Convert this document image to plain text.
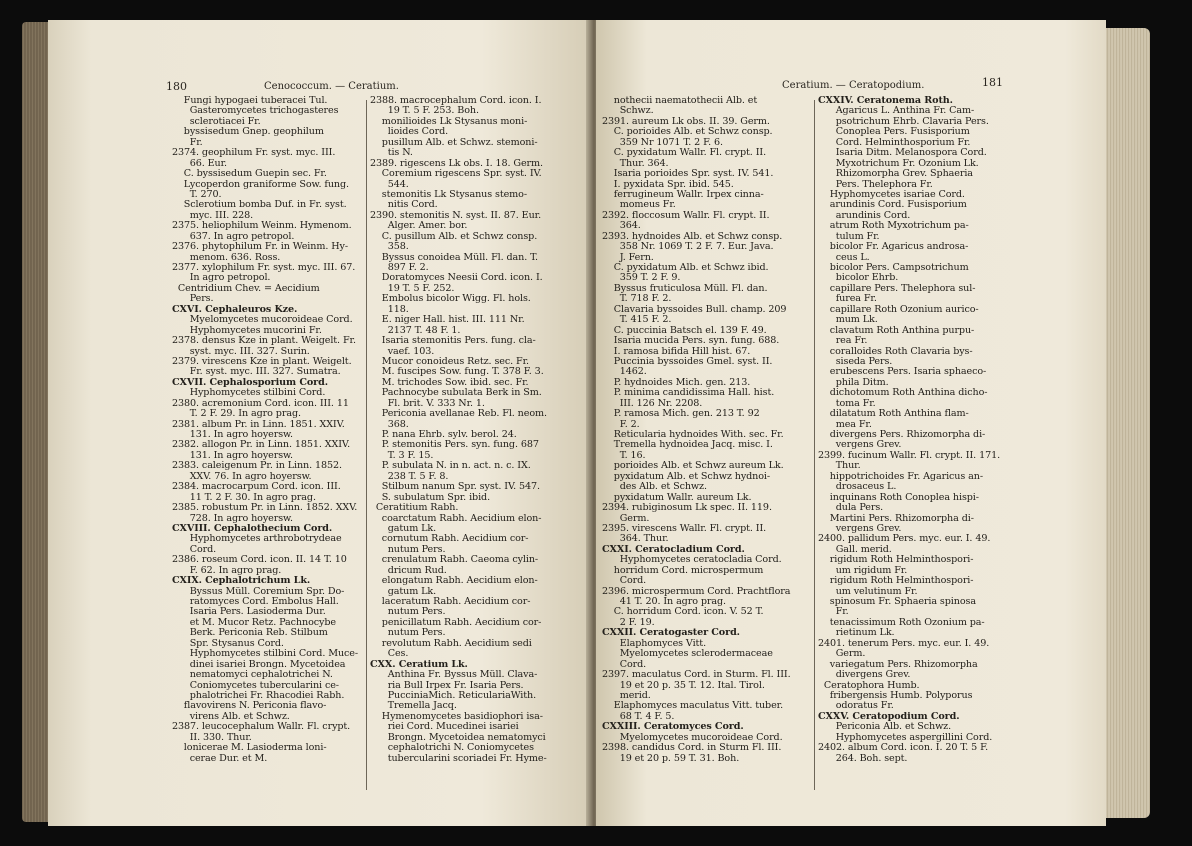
180	Cenococcum. — Ceratium.
Fungi hypogaei tuberacei Tul.
Gasteromycetes trichogasteres
sclerotiacei Fr.
byssisedum Gnep. geophilum
Fr.
2374. geophilum Fr. syst. myc. III.
66. Eur.
C. byssisedum Guepin sec. Fr.
Lycoperdon graniforme Sow. fung.
T. 270.
Sclerotium bomba Duf. in Fr. syst.
myc. III. 228.
2375. heliophilum Weinm. Hymenom.
637. In agro petropol.
2376. phytophilum Fr. in Weinm. Hy-
menom. 636. Ross.
2377. xylophilum Fr. syst. myc. III. 67.
In agro petropol.
Centridium Chev. = Aecidium
Pers.
CXVI. Cephaleuros Kze.
Myelomycetes mucoroideae Cord.
Hyphomycetes mucorini Fr.
2378. densus Kze in plant. Weigelt. Fr.
syst. myc. III. 327. Surin.
2379. virescens Kze in plant. Weigelt.
Fr. syst. myc. III. 327. Sumatra.
CXVII. Cephalosporium Cord.
Hyphomycetes stilbini Cord.
2380. acremonium Cord. icon. III. 11
T. 2 F. 29. In agro prag.
2381. album Pr. in Linn. 1851. XXIV.
131. In agro hoyersw.
2382. allogon Pr. in Linn. 1851. XXIV.
131. In agro hoyersw.
2383. caleigenum Pr. in Linn. 1852.
XXV. 76. In agro hoyersw.
2384. macrocarpum Cord. icon. III.
11 T. 2 F. 30. In agro prag.
2385. robustum Pr. in Linn. 1852. XXV.
728. In agro hoyersw.
CXVIII. Cephalothecium Cord.
Hyphomycetes arthrobotrydeae
Cord.
2386. roseum Cord. icon. II. 14 T. 10
F. 62. In agro prag.
CXIX. Cephalotrichum Lk.
Byssus Müll. Coremium Spr. Do-
ratomyces Cord. Embolus Hall.
Isaria Pers. Lasioderma Dur.
et M. Mucor Retz. Pachnocybe
Berk. Periconia Reb. Stilbum
Spr. Stysanus Cord.
Hyphomycetes stilbini Cord. Muce-
dinei isariei Brongn. Mycetoidea
nematomyci cephalotrichei N.
Coniomycetes tubercularini ce-
phalotrichei Fr. Rhacodiei Rabh.
flavovirens N. Periconia flavo-
virens Alb. et Schwz.
2387. leucocephalum Wallr. Fl. crypt.
II. 330. Thur.
lonicerae M. Lasioderma loni-
cerae Dur. et M.
2388. macrocephalum Cord. icon. I.
19 T. 5 F. 253. Boh.
monilioides Lk Stysanus moni-
lioides Cord.
pusillum Alb. et Schwz. stemoni-
tis N.
2389. rigescens Lk obs. I. 18. Germ.
Coremium rigescens Spr. syst. IV.
544.
stemonitis Lk Stysanus stemo-
nitis Cord.
2390. stemonitis N. syst. II. 87. Eur.
Alger. Amer. bor.
C. pusillum Alb. et Schwz consp.
358.
Byssus conoidea Müll. Fl. dan. T.
897 F. 2.
Doratomyces Neesii Cord. icon. I.
19 T. 5 F. 252.
Embolus bicolor Wigg. Fl. hols.
118.
E. niger Hall. hist. III. 111 Nr.
2137 T. 48 F. 1.
Isaria stemonitis Pers. fung. cla-
vaef. 103.
Mucor conoideus Retz. sec. Fr.
M. fuscipes Sow. fung. T. 378 F. 3.
M. trichodes Sow. ibid. sec. Fr.
Pachnocybe subulata Berk in Sm.
Fl. brit. V. 333 Nr. 1.
Periconia avellanae Reb. Fl. neom.
368.
P. nana Ehrb. sylv. berol. 24.
P. stemonitis Pers. syn. fung. 687
T. 3 F. 15.
P. subulata N. in n. act. n. c. IX.
238 T. 5 F. 8.
Stilbum nanum Spr. syst. IV. 547.
S. subulatum Spr. ibid.
Ceratitium Rabh.
coarctatum Rabh. Aecidium elon-
gatum Lk.
cornutum Rabh. Aecidium cor-
nutum Pers.
crenulatum Rabh. Caeoma cylin-
dricum Rud.
elongatum Rabh. Aecidium elon-
gatum Lk.
laceratum Rabh. Aecidium cor-
nutum Pers.
penicillatum Rabh. Aecidium cor-
nutum Pers.
revolutum Rabh. Aecidium sedi
Ces.
CXX. Ceratium Lk.
Anthina Fr. Byssus Müll. Clava-
ria Bull Irpex Fr. Isaria Pers.
PucciniaMich. ReticulariaWith.
Tremella Jacq.
Hymenomycetes basidiophori isa-
riei Cord. Mucedinei isariei
Brongn. Mycetoidea nematomyci
cephalotrichi N. Coniomycetes
tubercularini scoriadei Fr. Hyme-
Ceratium. — Ceratopodium.	181
nothecii naematothecii Alb. et
Schwz.
2391. aureum Lk obs. II. 39. Germ.
C. porioides Alb. et Schwz consp.
359 Nr 1071 T. 2 F. 6.
C. pyxidatum Wallr. Fl. crypt. II.
Thur. 364.
Isaria porioides Spr. syst. IV. 541.
I. pyxidata Spr. ibid. 545.
ferrugineum Wallr. Irpex cinna-
momeus Fr.
2392. floccosum Wallr. Fl. crypt. II.
364.
2393. hydnoides Alb. et Schwz consp.
358 Nr. 1069 T. 2 F. 7. Eur. Java.
J. Fern.
C. pyxidatum Alb. et Schwz ibid.
359 T. 2 F. 9.
Byssus fruticulosa Müll. Fl. dan.
T. 718 F. 2.
Clavaria byssoides Bull. champ. 209
T. 415 F. 2.
C. puccinia Batsch el. 139 F. 49.
Isaria mucida Pers. syn. fung. 688.
I. ramosa bifida Hill hist. 67.
Puccinia byssoides Gmel. syst. II.
1462.
P. hydnoides Mich. gen. 213.
P. minima candidissima Hall. hist.
III. 126 Nr. 2208.
P. ramosa Mich. gen. 213 T. 92
F. 2.
Reticularia hydnoides With. sec. Fr.
Tremella hydnoidea Jacq. misc. I.
T. 16.
porioides Alb. et Schwz aureum Lk.
pyxidatum Alb. et Schwz hydnoi-
des Alb. et Schwz.
pyxidatum Wallr. aureum Lk.
2394. rubiginosum Lk spec. II. 119.
Germ.
2395. virescens Wallr. Fl. crypt. II.
364. Thur.
CXXI. Ceratocladium Cord.
Hyphomycetes ceratocladia Cord.
horridum Cord. microspermum
Cord.
2396. microspermum Cord. Prachtflora
41 T. 20. In agro prag.
C. horridum Cord. icon. V. 52 T.
2 F. 19.
CXXII. Ceratogaster Cord.
Elaphomyces Vitt.
Myelomycetes sclerodermaceae
Cord.
2397. maculatus Cord. in Sturm. Fl. III.
19 et 20 p. 35 T. 12. Ital. Tirol.
merid.
Elaphomyces maculatus Vitt. tuber.
68 T. 4 F. 5.
CXXIII. Ceratomyces Cord.
Myelomycetes mucoroideae Cord.
2398. candidus Cord. in Sturm Fl. III.
19 et 20 p. 59 T. 31. Boh.
CXXIV. Ceratonema Roth.
Agaricus L. Anthina Fr. Cam-
psotrichum Ehrb. Clavaria Pers.
Conoplea Pers. Fusisporium
Cord. Helminthosporium Fr.
Isaria Ditm. Melanospora Cord.
Myxotrichum Fr. Ozonium Lk.
Rhizomorpha Grev. Sphaeria
Pers. Thelephora Fr.
Hyphomycetes isariae Cord.
arundinis Cord. Fusisporium
arundinis Cord.
atrum Roth Myxotrichum pa-
tulum Fr.
bicolor Fr. Agaricus androsa-
ceus L.
bicolor Pers. Campsotrichum
bicolor Ehrb.
capillare Pers. Thelephora sul-
furea Fr.
capillare Roth Ozonium aurico-
mum Lk.
clavatum Roth Anthina purpu-
rea Fr.
coralloides Roth Clavaria bys-
siseda Pers.
erubescens Pers. Isaria sphaeco-
phila Ditm.
dichotomum Roth Anthina dicho-
toma Fr.
dilatatum Roth Anthina flam-
mea Fr.
divergens Pers. Rhizomorpha di-
vergens Grev.
2399. fucinum Wallr. Fl. crypt. II. 171.
Thur.
hippotrichoides Fr. Agaricus an-
drosaceus L.
inquinans Roth Conoplea hispi-
dula Pers.
Martini Pers. Rhizomorpha di-
vergens Grev.
2400. pallidum Pers. myc. eur. I. 49.
Gall. merid.
rigidum Roth Helminthospori-
um rigidum Fr.
rigidum Roth Helminthospori-
um velutinum Fr.
spinosum Fr. Sphaeria spinosa
Fr.
tenacissimum Roth Ozonium pa-
rietinum Lk.
2401. tenerum Pers. myc. eur. I. 49.
Germ.
variegatum Pers. Rhizomorpha
divergens Grev.
Ceratophora Humb.
fribergensis Humb. Polyporus
odoratus Fr.
CXXV. Ceratopodium Cord.
Periconia Alb. et Schwz.
Hyphomycetes aspergillini Cord.
2402. album Cord. icon. I. 20 T. 5 F.
264. Boh. sept.
